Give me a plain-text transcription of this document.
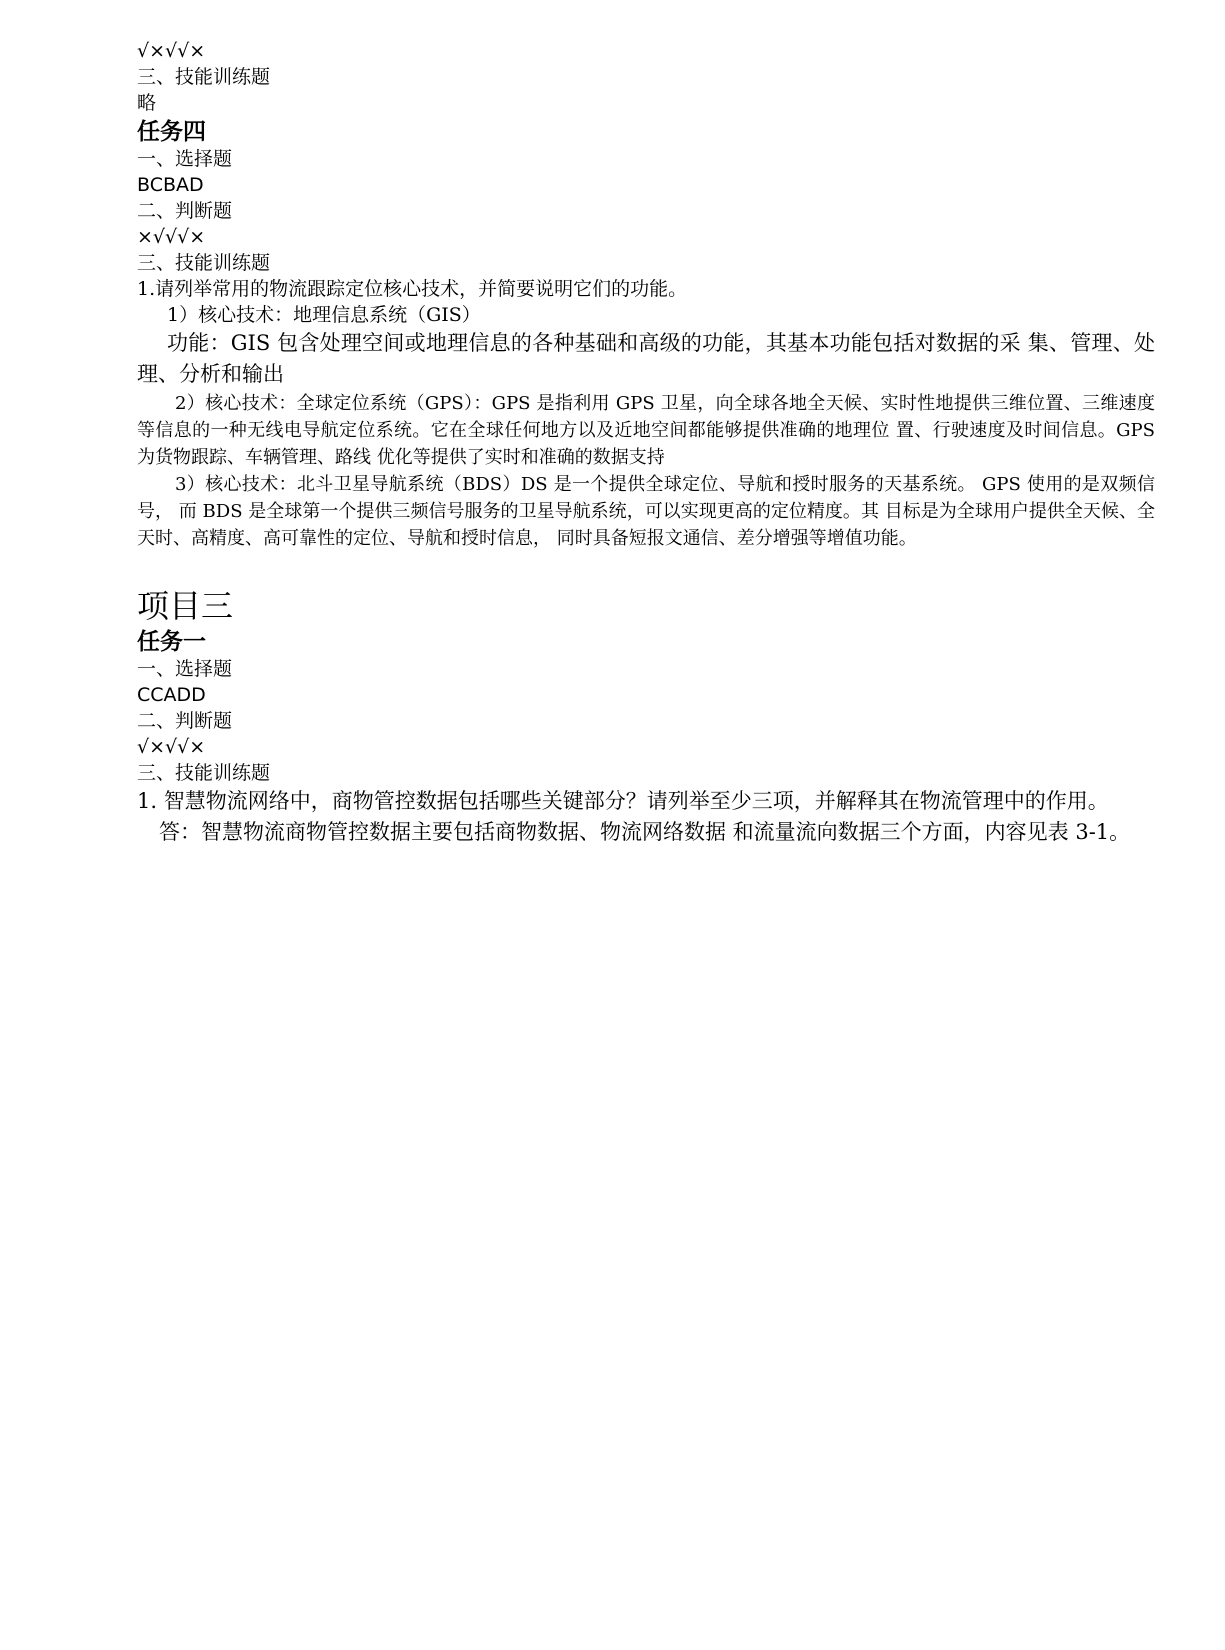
√×√√×
三、技能训练题
略
任务四
一、选择题
BCBAD
二、判断题
×√√√×
三、技能训练题
1.请列举常用的物流跟踪定位核心技术，并简要说明它们的功能。
1）核心技术：地理信息系统（GIS）
功能：GIS 包含处理空间或地理信息的各种基础和高级的功能，其基本功能包括对数据的采 集、管理、处理、分析和输出
2）核心技术：全球定位系统（GPS）：GPS 是指利用 GPS 卫星，向全球各地全天候、实时性地提供三维位置、三维速度等信息的一种无线电导航定位系统。它在全球任何地方以及近地空间都能够提供准确的地理位 置、行驶速度及时间信息。GPS 为货物跟踪、车辆管理、路线 优化等提供了实时和准确的数据支持
3）核心技术：北斗卫星导航系统（BDS）DS 是一个提供全球定位、导航和授时服务的天基系统。 GPS 使用的是双频信号， 而 BDS 是全球第一个提供三频信号服务的卫星导航系统，可以实现更高的定位精度。其 目标是为全球用户提供全天候、全天时、高精度、高可靠性的定位、导航和授时信息， 同时具备短报文通信、差分增强等增值功能。
项目三
任务一
一、选择题
CCADD
二、判断题
√×√√×
三、技能训练题
1. 智慧物流网络中，商物管控数据包括哪些关键部分？请列举至少三项，并解释其在物流管理中的作用。
答：智慧物流商物管控数据主要包括商物数据、物流网络数据 和流量流向数据三个方面，内容见表 3-1。
